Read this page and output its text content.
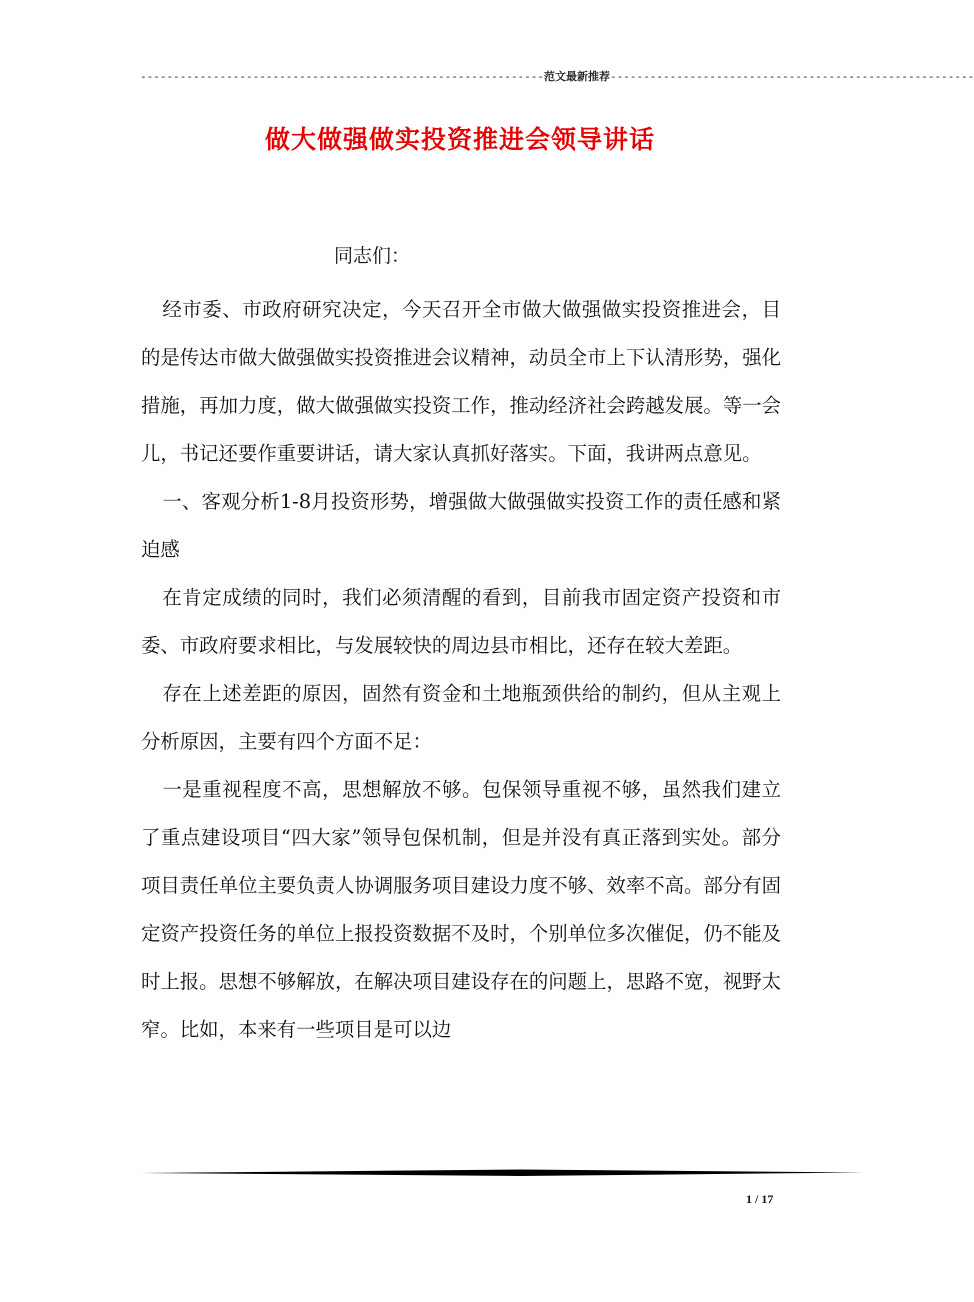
-------------------------------------------------------------范文最新推荐-------------------------------------------------------
做大做强做实投资推进会领导讲话
同志们：

经市委、市政府研究决定，今天召开全市做大做强做实投资推进会，目的是传达市做大做强做实投资推进会议精神，动员全市上下认清形势，强化措施，再加力度，做大做强做实投资工作，推动经济社会跨越发展。等一会儿，书记还要作重要讲话，请大家认真抓好落实。下面，我讲两点意见。

一、客观分析1-8月投资形势，增强做大做强做实投资工作的责任感和紧迫感

在肯定成绩的同时，我们必须清醒的看到，目前我市固定资产投资和市委、市政府要求相比，与发展较快的周边县市相比，还存在较大差距。

存在上述差距的原因，固然有资金和土地瓶颈供给的制约，但从主观上分析原因，主要有四个方面不足：

一是重视程度不高，思想解放不够。包保领导重视不够，虽然我们建立了重点建设项目“四大家”领导包保机制，但是并没有真正落到实处。部分项目责任单位主要负责人协调服务项目建设力度不够、效率不高。部分有固定资产投资任务的单位上报投资数据不及时，个别单位多次催促，仍不能及时上报。思想不够解放，在解决项目建设存在的问题上，思路不宽，视野太窄。比如，本来有一些项目是可以边

1 / 17
